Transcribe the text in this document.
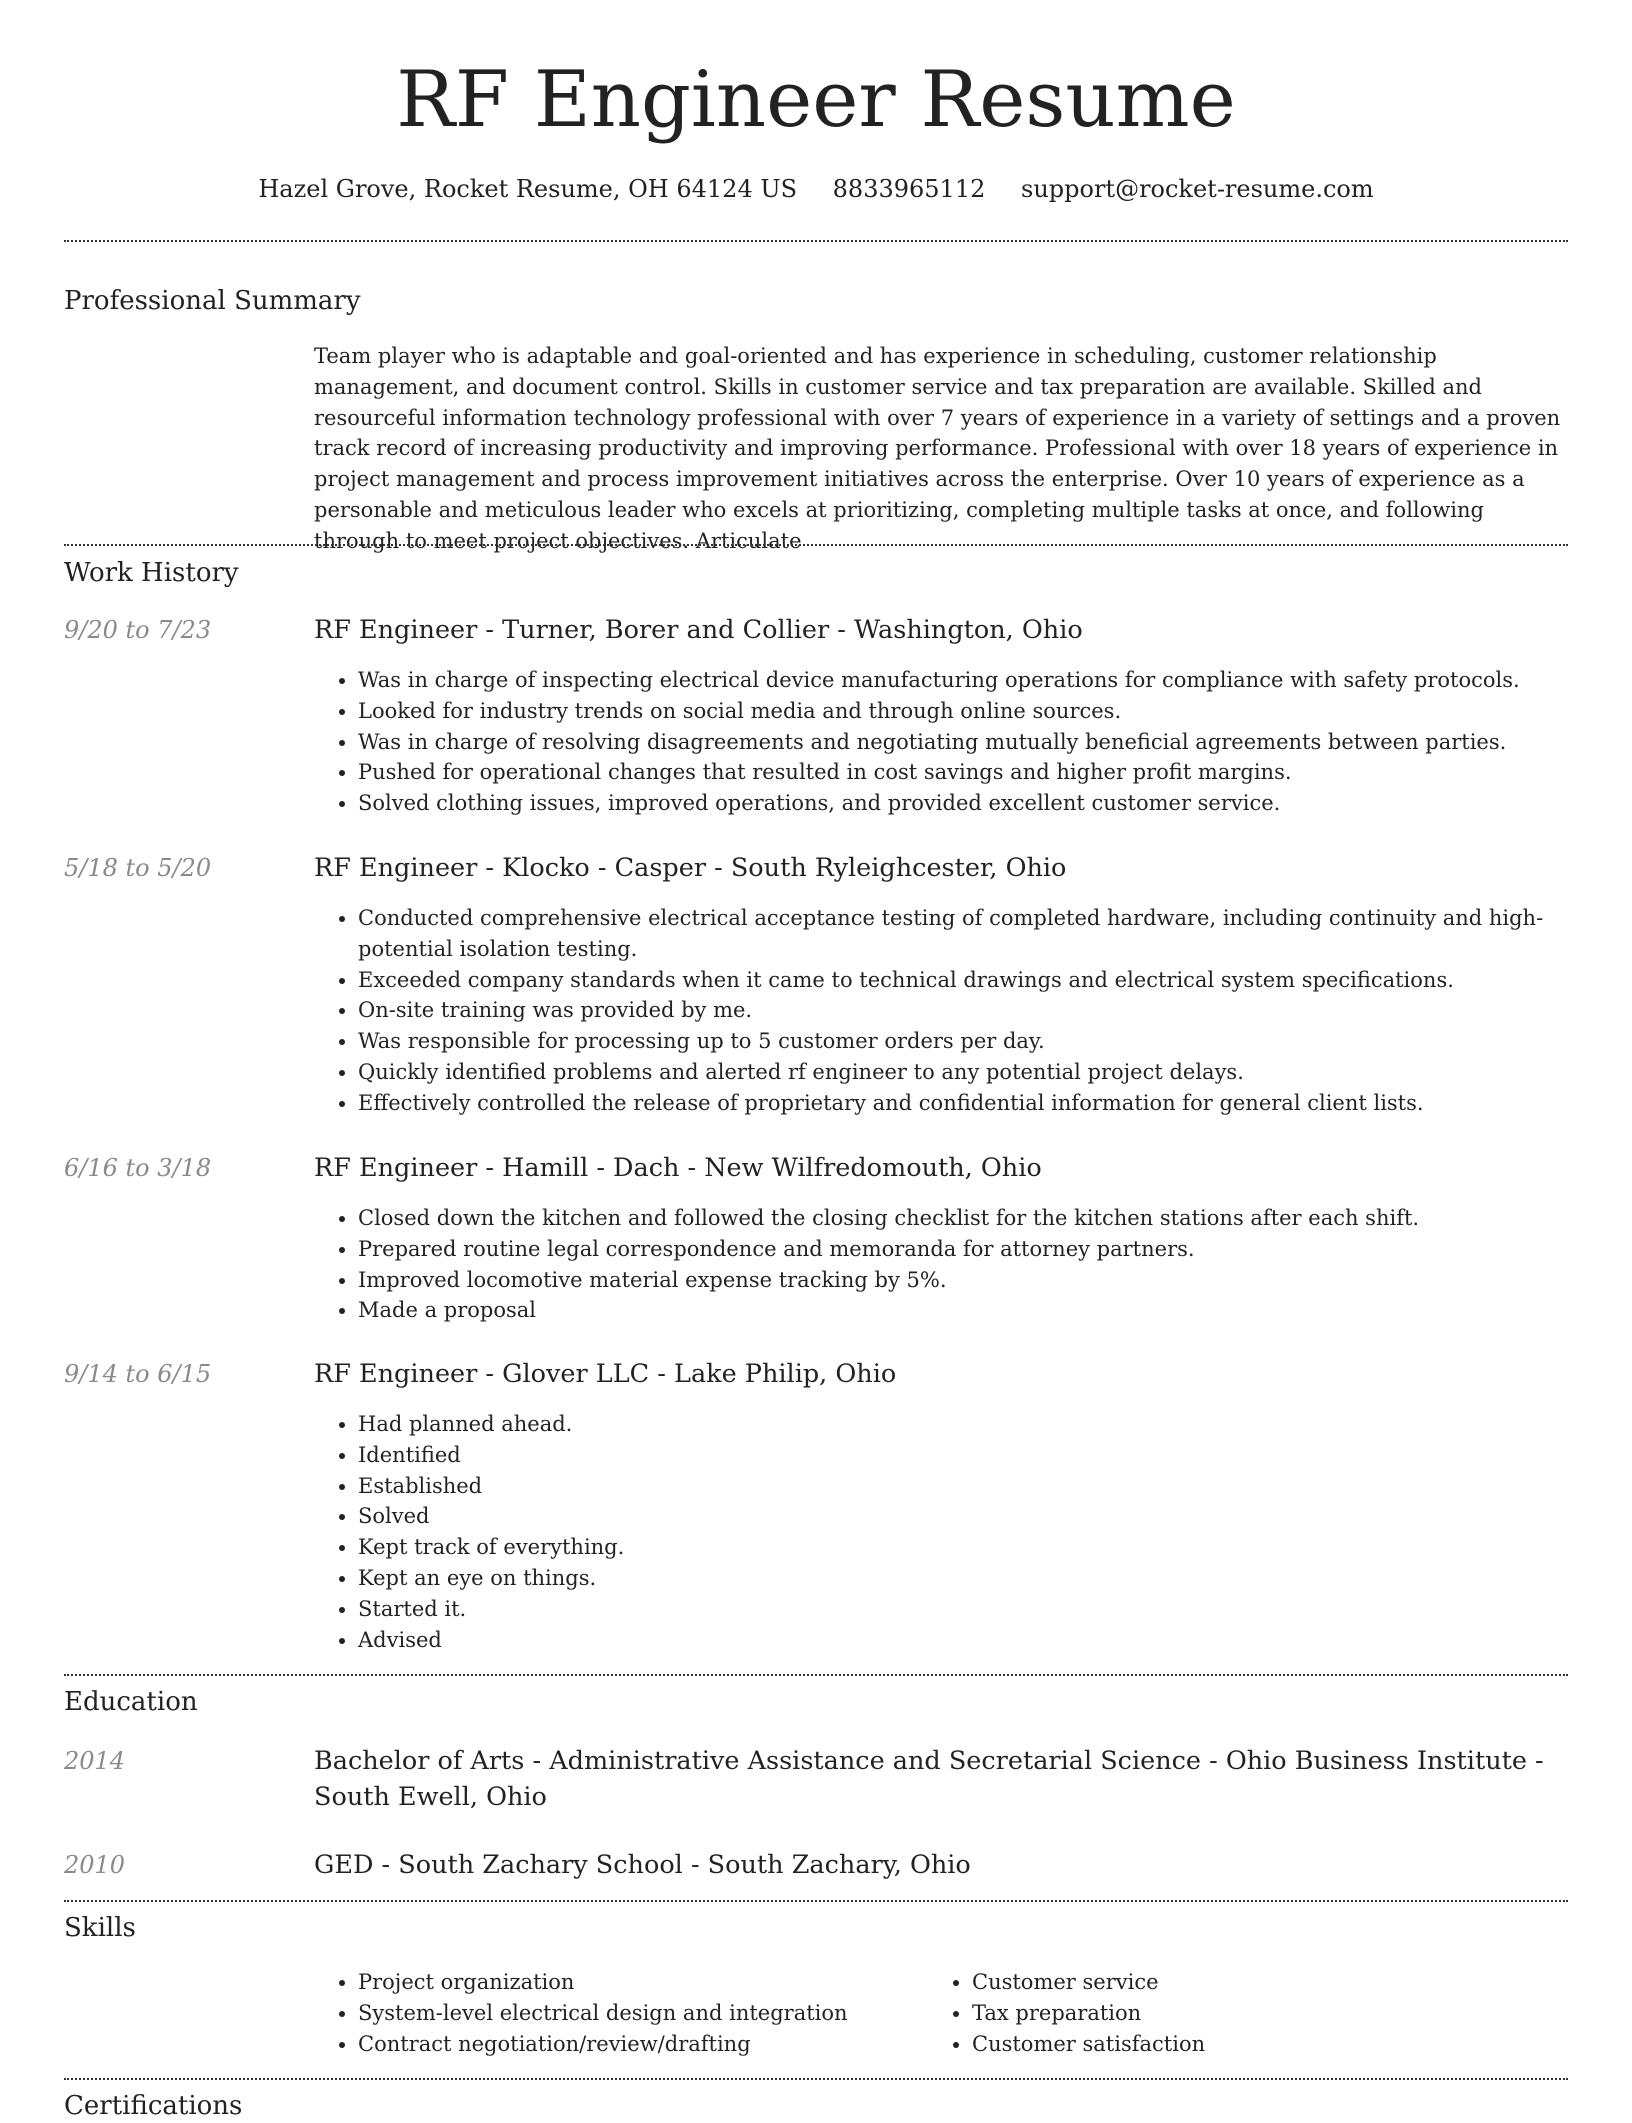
RF Engineer Resume
Hazel Grove, Rocket Resume, OH 64124 US 8833965112 support@rocket-resume.com
Professional Summary

Team player who is adaptable and goal-oriented and has experience in scheduling, customer relationship management, and document control. Skills in customer service and tax preparation are available. Skilled and resourceful information technology professional with over 7 years of experience in a variety of settings and a proven track record of increasing productivity and improving performance. Professional with over 18 years of experience in project management and process improvement initiatives across the enterprise. Over 10 years of experience as a personable and meticulous leader who excels at prioritizing, completing multiple tasks at once, and following through to meet project objectives. Articulate

Work History
9/20 to 7/23	RF Engineer - Turner, Borer and Collier - Washington, Ohio
• Was in charge of inspecting electrical device manufacturing operations for compliance with safety protocols.
• Looked for industry trends on social media and through online sources.
• Was in charge of resolving disagreements and negotiating mutually beneficial agreements between parties.
• Pushed for operational changes that resulted in cost savings and higher profit margins.
• Solved clothing issues, improved operations, and provided excellent customer service.
5/18 to 5/20	RF Engineer - Klocko - Casper - South Ryleighcester, Ohio
• Conducted comprehensive electrical acceptance testing of completed hardware, including continuity and high-potential isolation testing.
• Exceeded company standards when it came to technical drawings and electrical system specifications.
• On-site training was provided by me.
• Was responsible for processing up to 5 customer orders per day.
• Quickly identified problems and alerted rf engineer to any potential project delays.
• Effectively controlled the release of proprietary and confidential information for general client lists.
6/16 to 3/18	RF Engineer - Hamill - Dach - New Wilfredomouth, Ohio
• Closed down the kitchen and followed the closing checklist for the kitchen stations after each shift.
• Prepared routine legal correspondence and memoranda for attorney partners.
• Improved locomotive material expense tracking by 5%.
• Made a proposal
9/14 to 6/15	RF Engineer - Glover LLC - Lake Philip, Ohio
• Had planned ahead.
• Identified
• Established
• Solved
• Kept track of everything.
• Kept an eye on things.
• Started it.
• Advised
Education
2014	Bachelor of Arts - Administrative Assistance and Secretarial Science - Ohio Business Institute - South Ewell, Ohio
2010	GED - South Zachary School - South Zachary, Ohio
Skills
• Project organization
• System-level electrical design and integration
• Contract negotiation/review/drafting
• Customer service
• Tax preparation
• Customer satisfaction
Certifications
